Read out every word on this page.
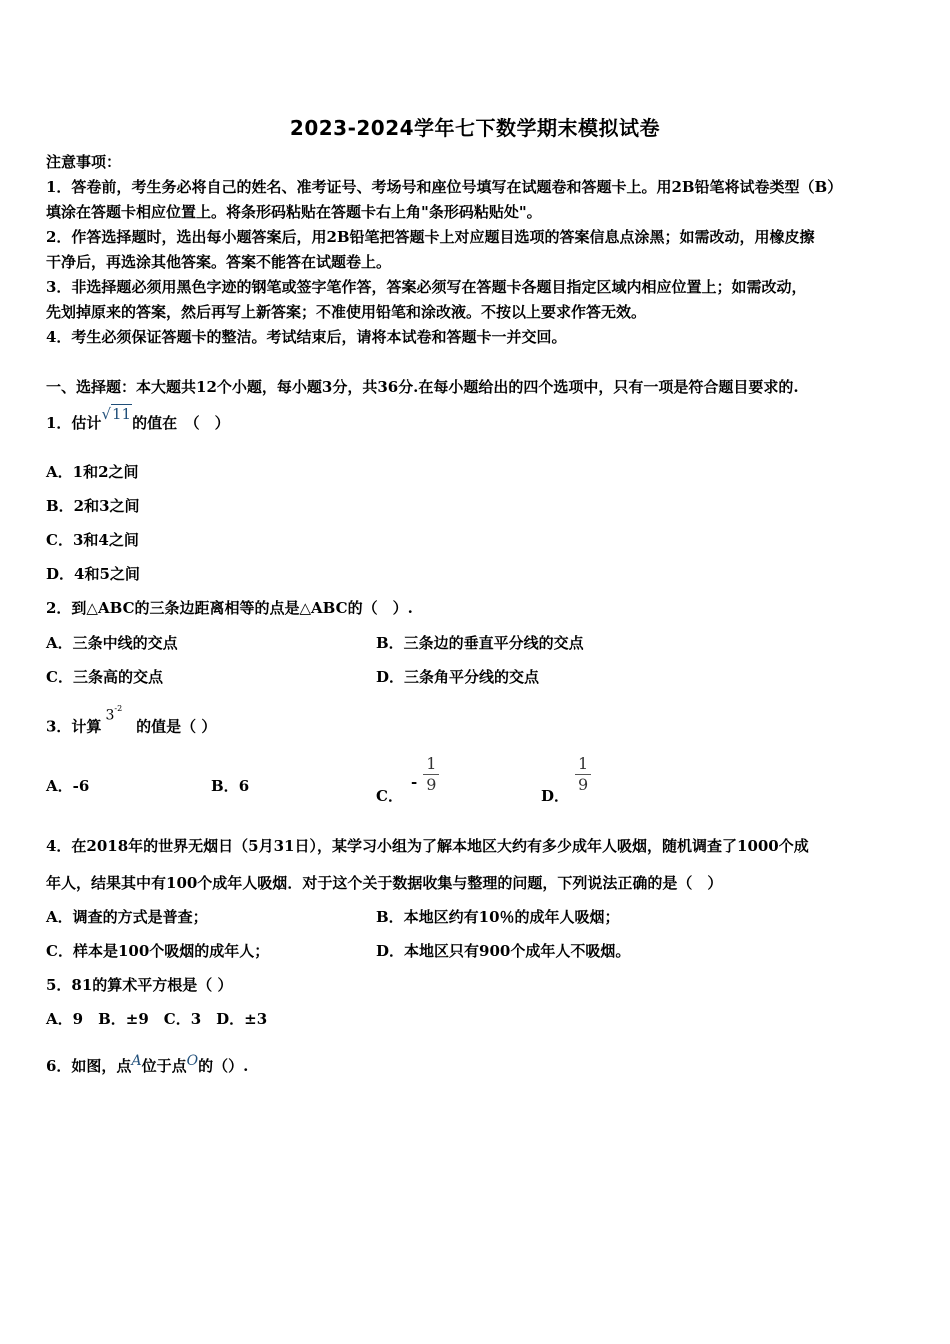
2023-2024学年七下数学期末模拟试卷
注意事项：
1．答卷前，考生务必将自己的姓名、准考证号、考场号和座位号填写在试题卷和答题卡上。用2B铅笔将试卷类型（B）
填涂在答题卡相应位置上。将条形码粘贴在答题卡右上角"条形码粘贴处"。
2．作答选择题时，选出每小题答案后，用2B铅笔把答题卡上对应题目选项的答案信息点涂黑；如需改动，用橡皮擦
干净后，再选涂其他答案。答案不能答在试题卷上。
3．非选择题必须用黑色字迹的钢笔或签字笔作答，答案必须写在答题卡各题目指定区域内相应位置上；如需改动，
先划掉原来的答案，然后再写上新答案；不准使用铅笔和涂改液。不按以上要求作答无效。
4．考生必须保证答题卡的整洁。考试结束后，请将本试卷和答题卡一并交回。
一、选择题：本大题共12个小题，每小题3分，共36分.在每小题给出的四个选项中，只有一项是符合题目要求的.
1．估计√11的值在　（　）
A．1和2之间
B．2和3之间
C．3和4之间
D．4和5之间
2．到△ABC的三条边距离相等的点是△ABC的（　）.
A．三条中线的交点	B．三条边的垂直平分线的交点
C．三条高的交点	D．三条角平分线的交点
3．计算$3^{-2}$的值是（ ）
A．-6	B．6
C．- $\frac{1}{9}$
D．
$\frac{1}{9}$
4．在2018年的世界无烟日（5月31日），某学习小组为了解本地区大约有多少成年人吸烟，随机调查了1000个成
年人，结果其中有100个成年人吸烟．对于这个关于数据收集与整理的问题，下列说法正确的是（　）
A．调查的方式是普查；	B．本地区约有10％的成年人吸烟；
C．样本是100个吸烟的成年人；	D．本地区只有900个成年人不吸烟。
5．81的算术平方根是（ ）
A．9　B．±9　C．3　D．±3
6．如图，点A位于点O的（）.
